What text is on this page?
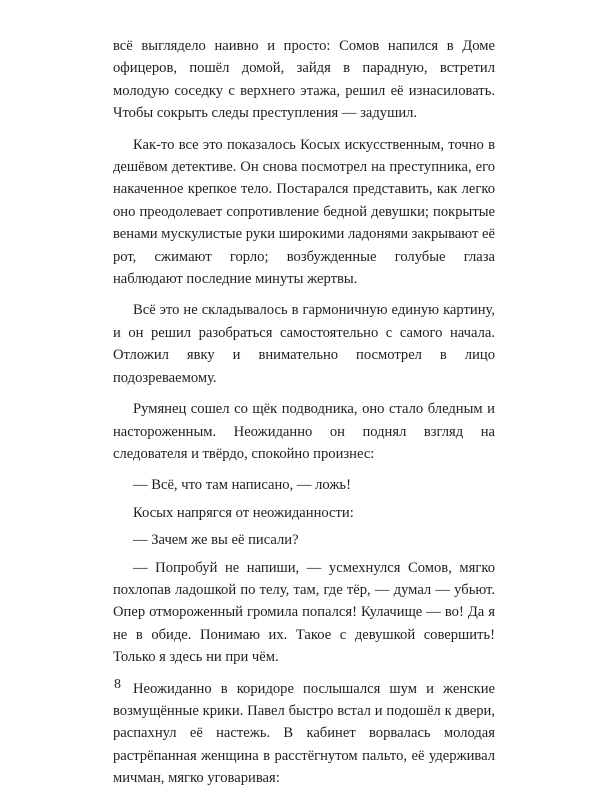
всё выглядело наивно и просто: Сомов напился в Доме офицеров, пошёл домой, зайдя в парадную, встретил молодую соседку с верхнего этажа, решил её изнасиловать. Чтобы сокрыть следы преступления — задушил.

Как-то все это показалось Косых искусственным, точно в дешёвом детективе. Он снова посмотрел на преступника, его накаченное крепкое тело. Постарался представить, как легко оно преодолевает сопротивление бедной девушки; покрытые венами мускулистые руки широкими ладонями закрывают её рот, сжимают горло; возбужденные голубые глаза наблюдают последние минуты жертвы.

Всё это не складывалось в гармоничную единую картину, и он решил разобраться самостоятельно с самого начала. Отложил явку и внимательно посмотрел в лицо подозреваемому.

Румянец сошел со щёк подводника, оно стало бледным и настороженным. Неожиданно он поднял взгляд на следователя и твёрдо, спокойно произнес:

— Всё, что там написано, — ложь!

Косых напрягся от неожиданности:

— Зачем же вы её писали?

— Попробуй не напиши, — усмехнулся Сомов, мягко похлопав ладошкой по телу, там, где тёр, — думал — убьют. Опер отмороженный громила попался! Кулачище — во! Да я не в обиде. Понимаю их. Такое с девушкой совершить! Только я здесь ни при чём.

Неожиданно в коридоре послышался шум и женские возмущённые крики. Павел быстро встал и подошёл к двери, распахнул её настежь. В кабинет ворвалась молодая растрёпанная женщина в расстёгнутом пальто, её удерживал мичман, мягко уговаривая:

8
